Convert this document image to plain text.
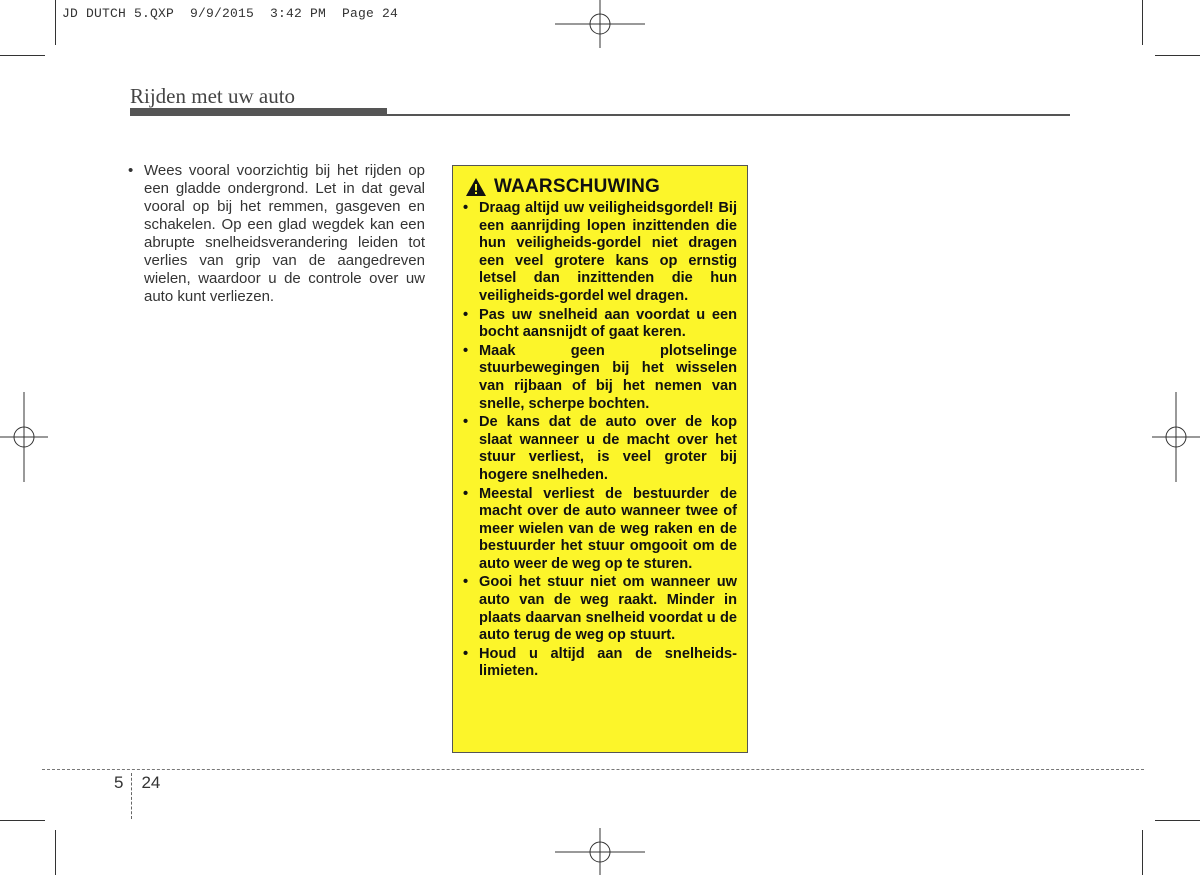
JD DUTCH 5.QXP  9/9/2015  3:42 PM  Page 24
Rijden met uw auto
• Wees vooral voorzichtig bij het rijden op een gladde ondergrond. Let in dat geval vooral op bij het remmen, gasgeven en schakelen. Op een glad wegdek kan een abrupte snelheidsverandering leiden tot verlies van grip van de aangedreven wielen, waardoor u de controle over uw auto kunt verliezen.
WAARSCHUWING
• Draag altijd uw veiligheidsgordel! Bij een aanrijding lopen inzittenden die hun veiligheids-gordel niet dragen een veel grotere kans op ernstig letsel dan inzittenden die hun veiligheids-gordel wel dragen.
• Pas uw snelheid aan voordat u een bocht aansnijdt of gaat keren.
• Maak geen plotselinge stuurbewegingen bij het wisselen van rijbaan of bij het nemen van snelle, scherpe bochten.
• De kans dat de auto over de kop slaat wanneer u de macht over het stuur verliest, is veel groter bij hogere snelheden.
• Meestal verliest de bestuurder de macht over de auto wanneer twee of meer wielen van de weg raken en de bestuurder het stuur omgooit om de auto weer de weg op te sturen.
• Gooi het stuur niet om wanneer uw auto van de weg raakt. Minder in plaats daarvan snelheid voordat u de auto terug de weg op stuurt.
• Houd u altijd aan de snelheids-limieten.
5 24
